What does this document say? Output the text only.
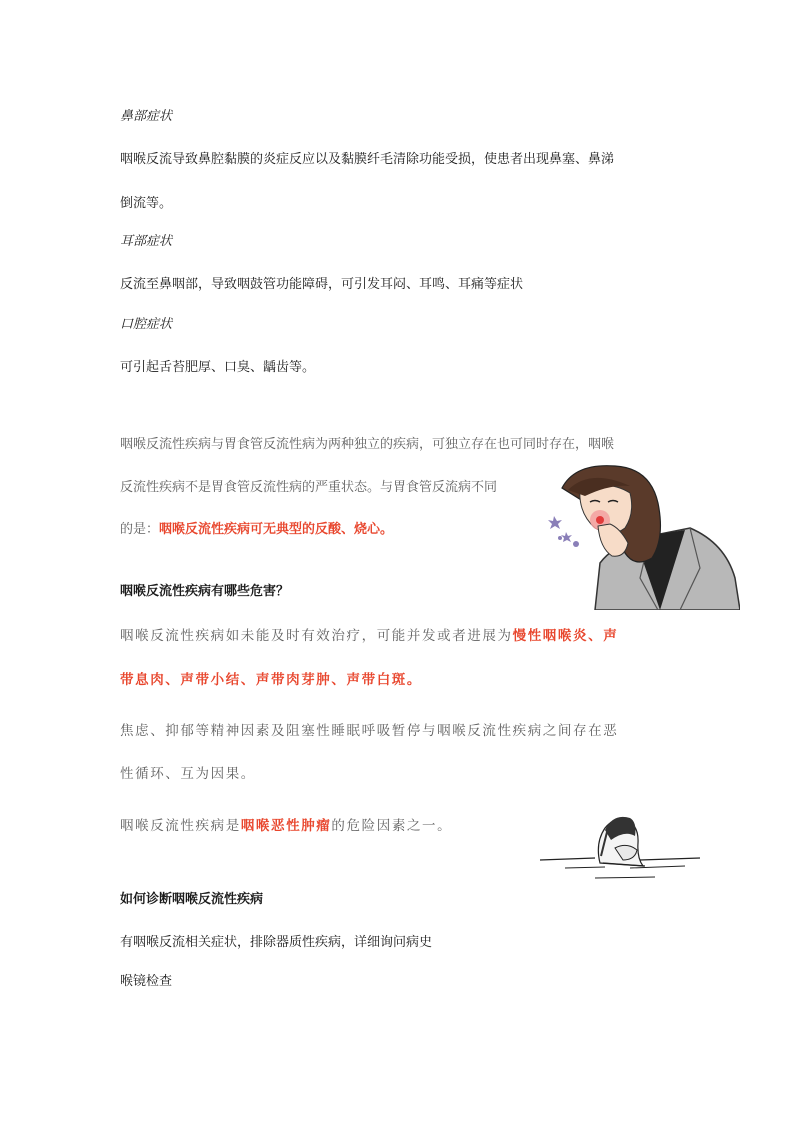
鼻部症状
咽喉反流导致鼻腔黏膜的炎症反应以及黏膜纤毛清除功能受损，使患者出现鼻塞、鼻涕
倒流等。
耳部症状
反流至鼻咽部，导致咽鼓管功能障碍，可引发耳闷、耳鸣、耳痛等症状
口腔症状
可引起舌苔肥厚、口臭、龋齿等。
咽喉反流性疾病与胃食管反流性病为两种独立的疾病，可独立存在也可同时存在，咽喉
反流性疾病不是胃食管反流性病的严重状态。与胃食管反流病不同
的是：咽喉反流性疾病可无典型的反酸、烧心。
咽喉反流性疾病有哪些危害？
咽喉反流性疾病如未能及时有效治疗，可能并发或者进展为慢性咽喉炎、声
带息肉、声带小结、声带肉芽肿、声带白斑。
焦虑、抑郁等精神因素及阻塞性睡眠呼吸暂停与咽喉反流性疾病之间存在恶
性循环、互为因果。
咽喉反流性疾病是咽喉恶性肿瘤的危险因素之一。
如何诊断咽喉反流性疾病
有咽喉反流相关症状，排除器质性疾病，详细询问病史
喉镜检查
